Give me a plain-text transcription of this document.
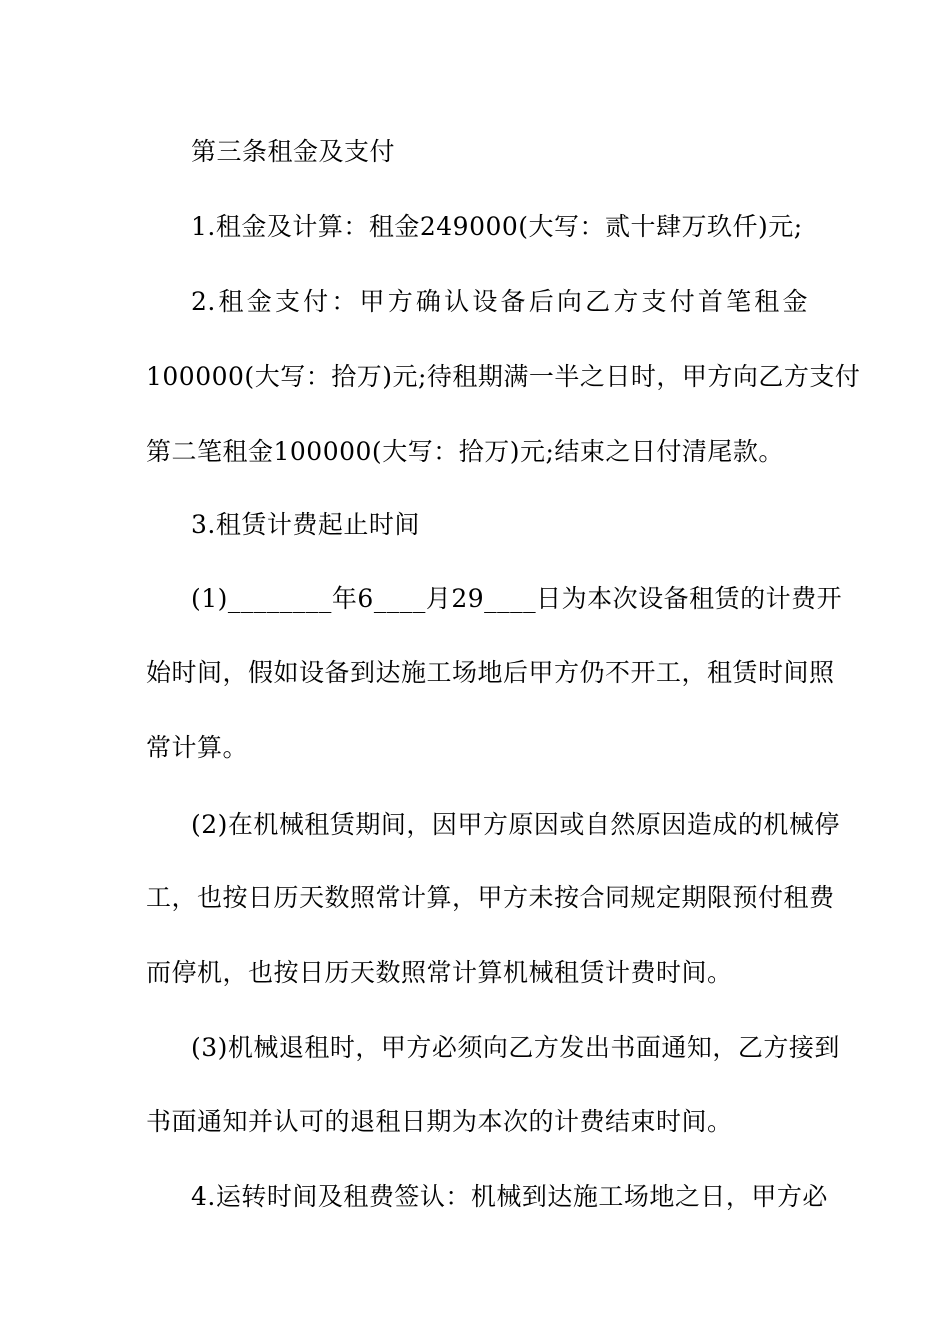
第三条租金及支付
1.租金及计算：租金249000(大写：贰十肆万玖仟)元;
2.租金支付：甲方确认设备后向乙方支付首笔租金
100000(大写：拾万)元;待租期满一半之日时，甲方向乙方支付
第二笔租金100000(大写：拾万)元;结束之日付清尾款。
3.租赁计费起止时间
(1)________年6____月29____日为本次设备租赁的计费开
始时间，假如设备到达施工场地后甲方仍不开工，租赁时间照
常计算。
(2)在机械租赁期间，因甲方原因或自然原因造成的机械停
工，也按日历天数照常计算，甲方未按合同规定期限预付租费
而停机，也按日历天数照常计算机械租赁计费时间。
(3)机械退租时，甲方必须向乙方发出书面通知，乙方接到
书面通知并认可的退租日期为本次的计费结束时间。
4.运转时间及租费签认：机械到达施工场地之日，甲方必
